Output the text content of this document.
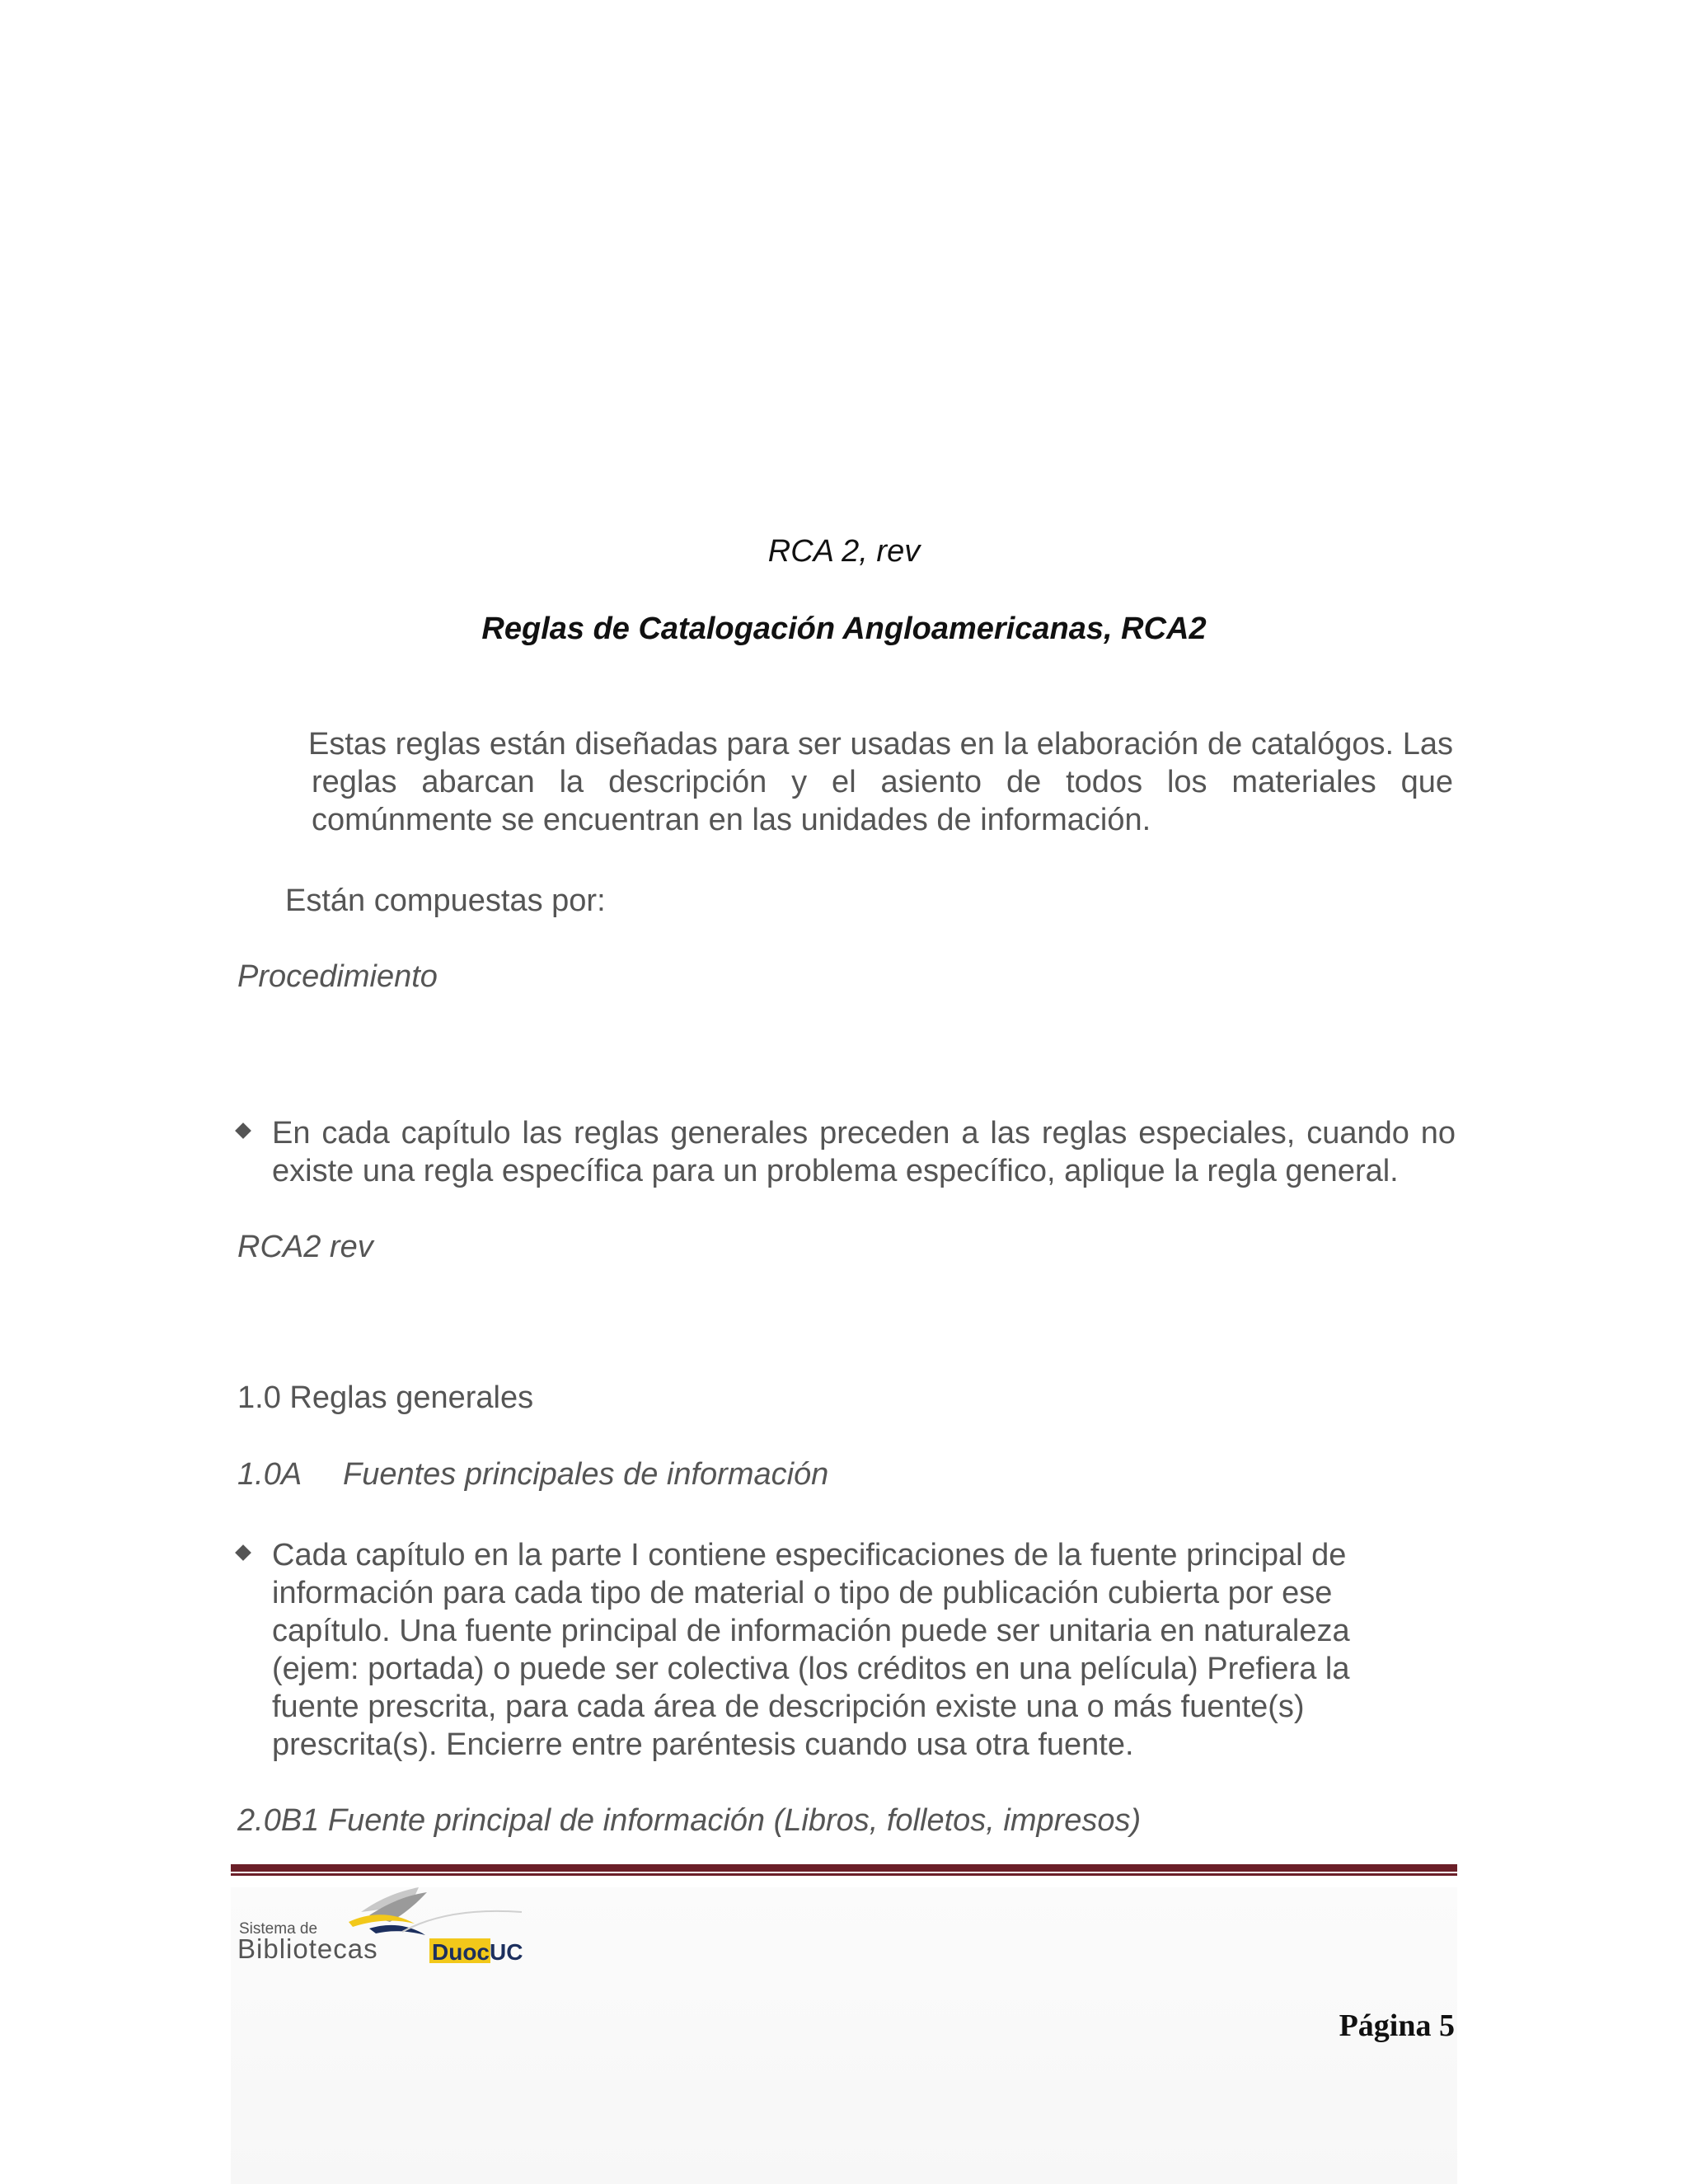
RCA 2, rev
Reglas de Catalogación Angloamericanas, RCA2
Estas reglas están diseñadas para ser usadas en la elaboración de catalógos. Las reglas abarcan la descripción y el asiento de todos los materiales que comúnmente se encuentran en las unidades de información.
Están compuestas por:
Procedimiento
En cada capítulo las reglas generales preceden a las reglas especiales, cuando no existe una regla específica para un problema específico, aplique la regla general.
RCA2 rev
1.0 Reglas generales
1.0A Fuentes principales de información
Cada capítulo en la parte I contiene especificaciones de la fuente principal de
información para cada tipo de material o tipo de publicación cubierta por ese
capítulo. Una fuente principal de información puede ser unitaria en naturaleza
(ejem: portada) o puede ser colectiva (los créditos en una película) Prefiera la
fuente prescrita, para cada área de descripción existe una o más fuente(s)
prescrita(s). Encierre entre paréntesis cuando usa otra fuente.
2.0B1 Fuente principal de información (Libros, folletos, impresos)
Sistema de
Bibliotecas Duoc UC
Página 5
